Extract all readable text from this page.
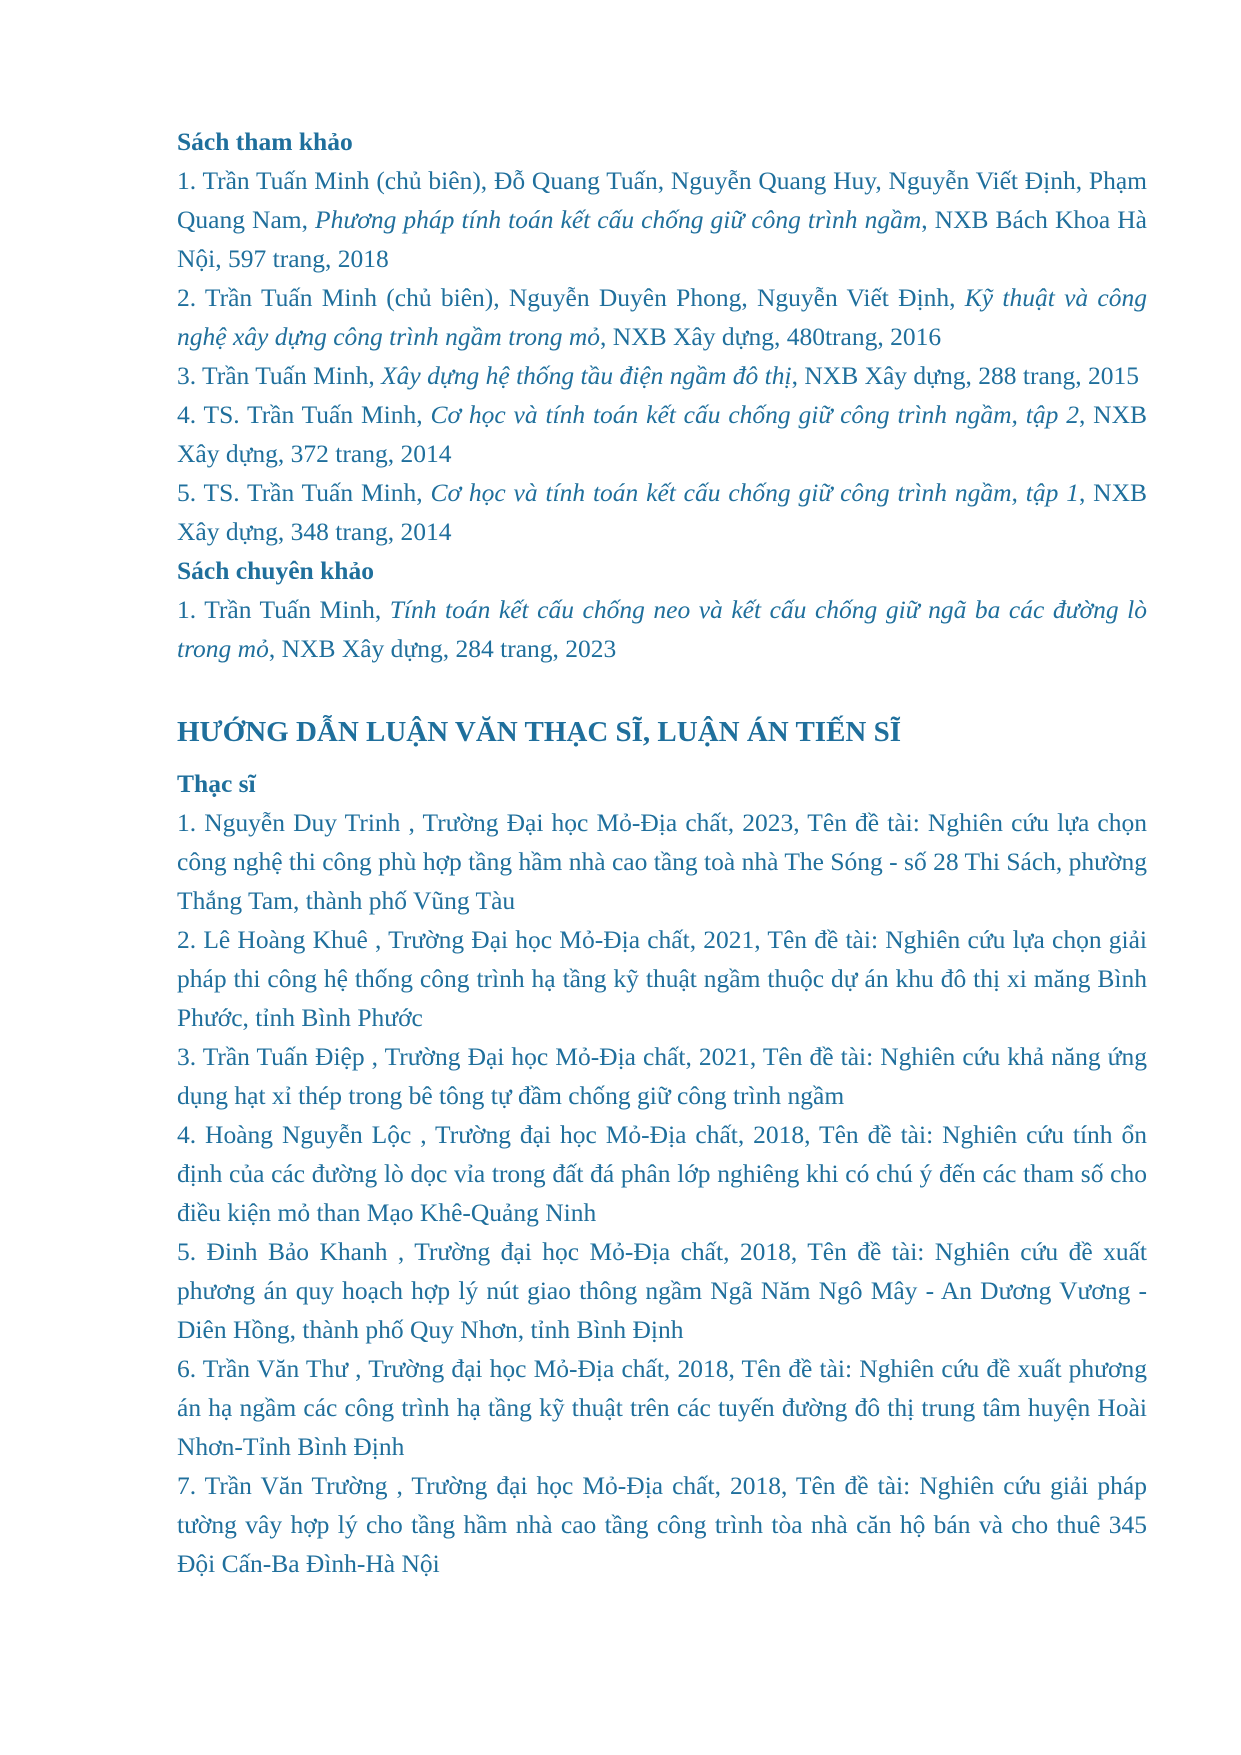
Sách tham khảo

1. Trần Tuấn Minh (chủ biên), Đỗ Quang Tuấn, Nguyễn Quang Huy, Nguyễn Viết Định, Phạm Quang Nam, Phương pháp tính toán kết cấu chống giữ công trình ngầm, NXB Bách Khoa Hà Nội, 597 trang, 2018

2. Trần Tuấn Minh (chủ biên), Nguyễn Duyên Phong, Nguyễn Viết Định, Kỹ thuật và công nghệ xây dựng công trình ngầm trong mỏ, NXB Xây dựng, 480trang, 2016

3. Trần Tuấn Minh, Xây dựng hệ thống tầu điện ngầm đô thị, NXB Xây dựng, 288 trang, 2015

4. TS. Trần Tuấn Minh, Cơ học và tính toán kết cấu chống giữ công trình ngầm, tập 2, NXB Xây dựng, 372 trang, 2014

5. TS. Trần Tuấn Minh, Cơ học và tính toán kết cấu chống giữ công trình ngầm, tập 1, NXB Xây dựng, 348 trang, 2014

Sách chuyên khảo

1. Trần Tuấn Minh, Tính toán kết cấu chống neo và kết cấu chống giữ ngã ba các đường lò trong mỏ, NXB Xây dựng, 284 trang, 2023

HƯỚNG DẪN LUẬN VĂN THẠC SĨ, LUẬN ÁN TIẾN SĨ

Thạc sĩ

1. Nguyễn Duy Trinh , Trường Đại học Mỏ-Địa chất, 2023, Tên đề tài: Nghiên cứu lựa chọn công nghệ thi công phù hợp tầng hầm nhà cao tầng toà nhà The Sóng - số 28 Thi Sách, phường Thắng Tam, thành phố Vũng Tàu

2. Lê Hoàng Khuê , Trường Đại học Mỏ-Địa chất, 2021, Tên đề tài: Nghiên cứu lựa chọn giải pháp thi công hệ thống công trình hạ tầng kỹ thuật ngầm thuộc dự án khu đô thị xi măng Bình Phước, tỉnh Bình Phước

3. Trần Tuấn Điệp , Trường Đại học Mỏ-Địa chất, 2021, Tên đề tài: Nghiên cứu khả năng ứng dụng hạt xỉ thép trong bê tông tự đầm chống giữ công trình ngầm

4. Hoàng Nguyễn Lộc , Trường đại học Mỏ-Địa chất, 2018, Tên đề tài: Nghiên cứu tính ổn định của các đường lò dọc vỉa trong đất đá phân lớp nghiêng khi có chú ý đến các tham số cho điều kiện mỏ than Mạo Khê-Quảng Ninh

5. Đinh Bảo Khanh , Trường đại học Mỏ-Địa chất, 2018, Tên đề tài: Nghiên cứu đề xuất phương án quy hoạch hợp lý nút giao thông ngầm Ngã Năm Ngô Mây - An Dương Vương - Diên Hồng, thành phố Quy Nhơn, tỉnh Bình Định

6. Trần Văn Thư , Trường đại học Mỏ-Địa chất, 2018, Tên đề tài: Nghiên cứu đề xuất phương án hạ ngầm các công trình hạ tầng kỹ thuật trên các tuyến đường đô thị trung tâm huyện Hoài Nhơn-Tỉnh Bình Định

7. Trần Văn Trường , Trường đại học Mỏ-Địa chất, 2018, Tên đề tài: Nghiên cứu giải pháp tường vây hợp lý cho tầng hầm nhà cao tầng công trình tòa nhà căn hộ bán và cho thuê 345 Đội Cấn-Ba Đình-Hà Nội
